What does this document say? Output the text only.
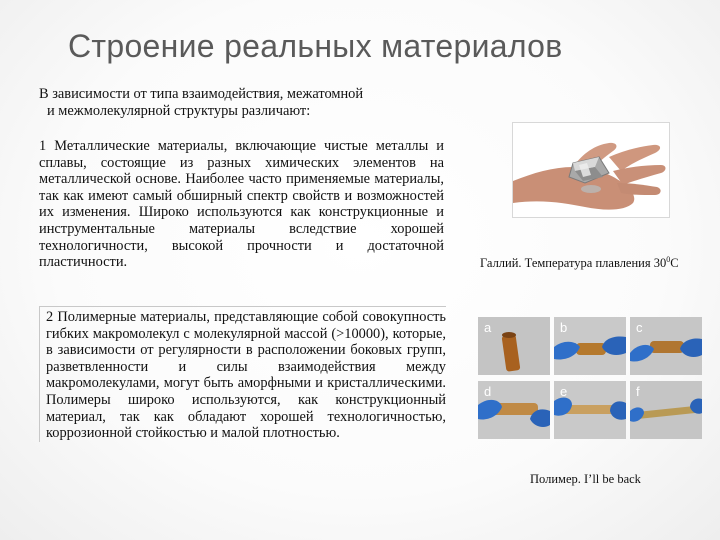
Строение реальных материалов
В зависимости от типа взаимодействия, межатомной
и межмолекулярной структуры различают:
1 Металлические материалы, включающие чистые металлы и сплавы, состоящие из разных химических элементов на металлической основе. Наиболее часто применяемые материалы, так как имеют самый обширный спектр свойств и возможностей их изменения. Широко используются как конструкционные и инструментальные материалы вследствие хорошей технологичности, высокой прочности и достаточной пластичности.
2 Полимерные материалы, представляющие собой совокупность гибких макромолекул с молекулярной массой (>10000), которые, в зависимости от регулярности в расположении боковых групп, разветвленности и силы взаимодействия между макромолекулами, могут быть аморфными и кристаллическими. Полимеры широко используются, как конструкционный материал, так как обладают хорошей технологичностью, коррозионной стойкостью и малой плотностью.
Галлий. Температура плавления $30^0С$
a	b	c
d	e	f
Полимер. I’ll be back
